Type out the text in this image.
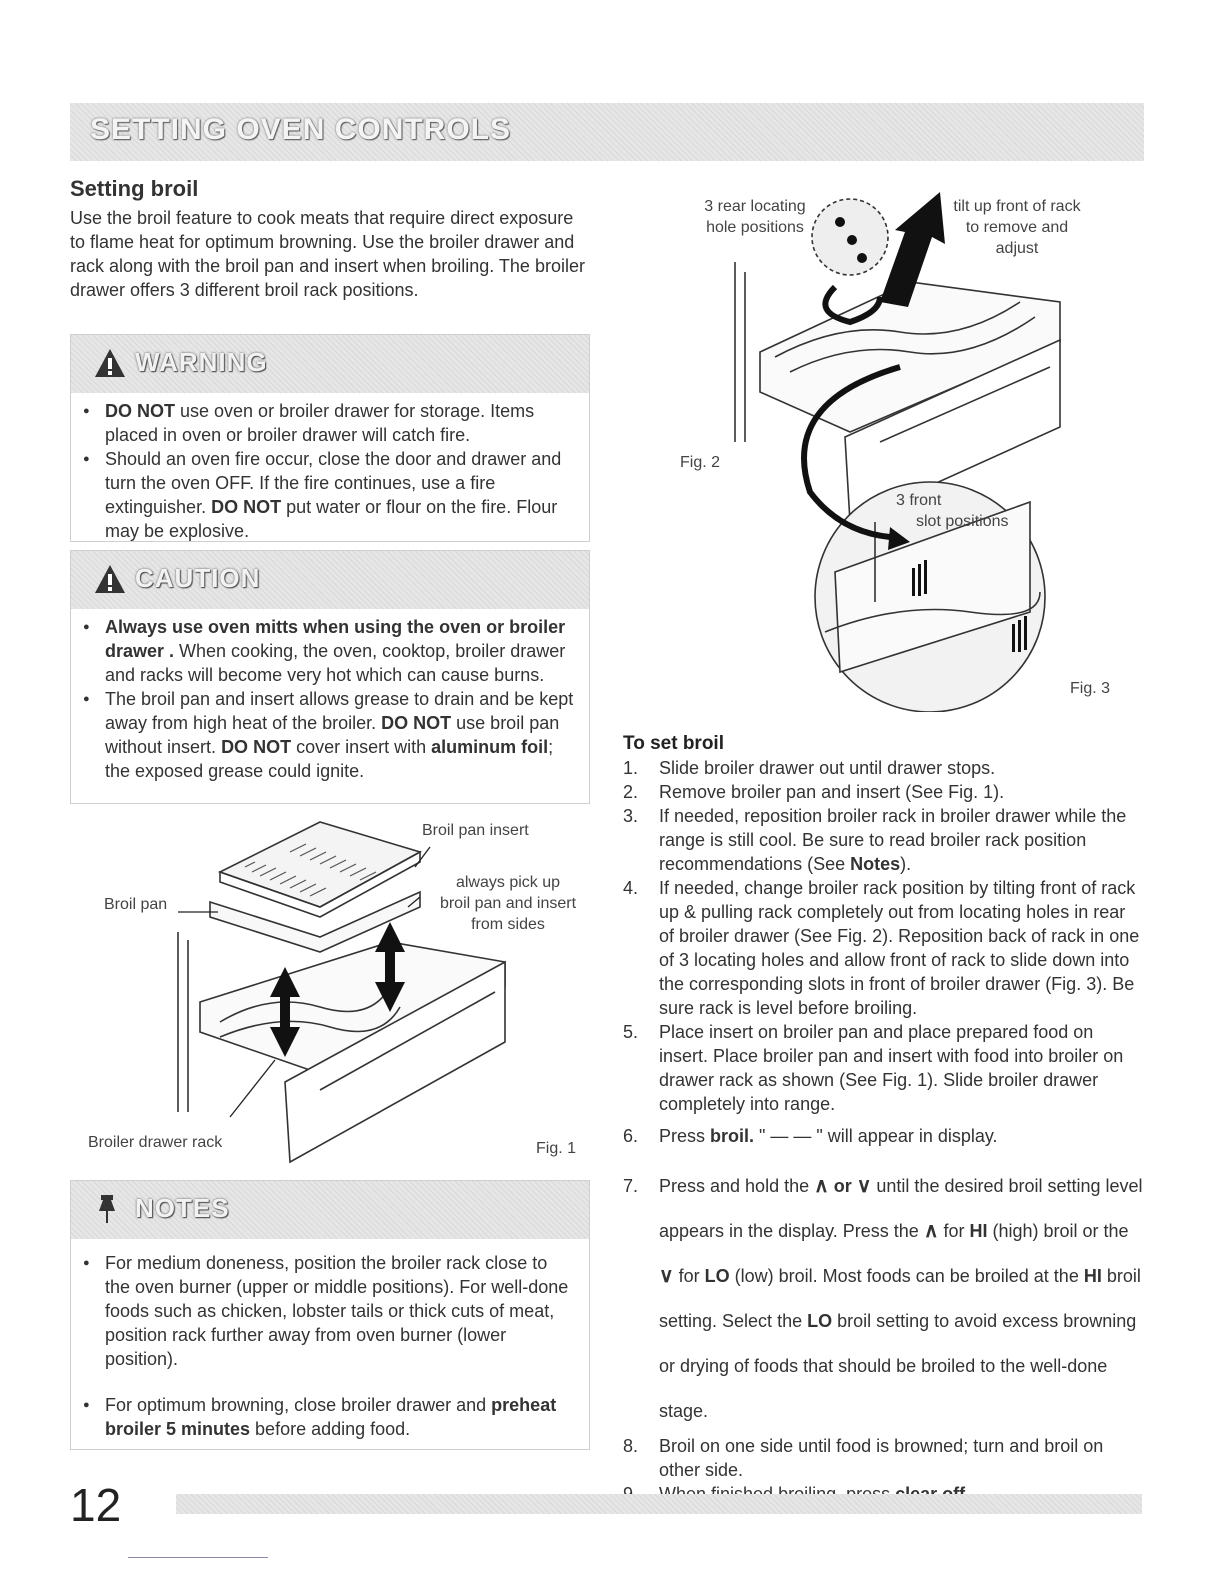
SETTING OVEN CONTROLS
Setting broil

Use the broil feature to cook meats that require direct exposure to flame heat for optimum browning. Use the broiler drawer and rack along with the broil pan and insert when broiling. The broiler drawer offers 3 different broil rack positions.

WARNING
● DO NOT use oven or broiler drawer for storage. Items placed in oven or broiler drawer will catch fire.
● Should an oven fire occur, close the door and drawer and turn the oven OFF. If the fire continues, use a fire extinguisher. DO NOT put water or flour on the fire. Flour may be explosive.
CAUTION
● Always use oven mitts when using the oven or broiler drawer . When cooking, the oven, cooktop, broiler drawer and racks will become very hot which can cause burns.
● The broil pan and insert allows grease to drain and be kept away from high heat of the broiler. DO NOT use broil pan without insert. DO NOT cover insert with aluminum foil; the exposed grease could ignite.
Broil pan insert
Broil pan
always pick up
broil pan and insert
from sides
Broiler drawer rack	Fig. 1
NOTES
● For medium doneness, position the broiler rack close to the oven burner (upper or middle positions). For well-done foods such as chicken, lobster tails or thick cuts of meat, position rack further away from oven burner (lower position).
● For optimum browning, close broiler drawer and preheat broiler 5 minutes before adding food.
3 rear locating
hole positions
tilt up front of rack
to remove and
adjust
Fig. 2
3 front
slot positions
Fig. 3
To set broil
1. Slide broiler drawer out until drawer stops.
2. Remove broiler pan and insert (See Fig. 1).
3. If needed, reposition broiler rack in broiler drawer while the range is still cool. Be sure to read broiler rack position recommendations (See Notes).
4. If needed, change broiler rack position by tilting front of rack up & pulling rack completely out from locating holes in rear of broiler drawer (See Fig. 2). Reposition back of rack in one of 3 locating holes and allow front of rack to slide down into the corresponding slots in front of broiler drawer (Fig. 3). Be sure rack is level before broiling.
5. Place insert on broiler pan and place prepared food on insert. Place broiler pan and insert with food into broiler on drawer rack as shown (See Fig. 1). Slide broiler drawer completely into range.
6. Press broil. " — — " will appear in display.
7. Press and hold the ∧ or ∨ until the desired broil setting level appears in the display. Press the ∧ for HI (high) broil or the ∨ for LO (low) broil. Most foods can be broiled at the HI broil setting. Select the LO broil setting to avoid excess browning or drying of foods that should be broiled to the well-done stage.
8. Broil on one side until food is browned; turn and broil on other side.
12
